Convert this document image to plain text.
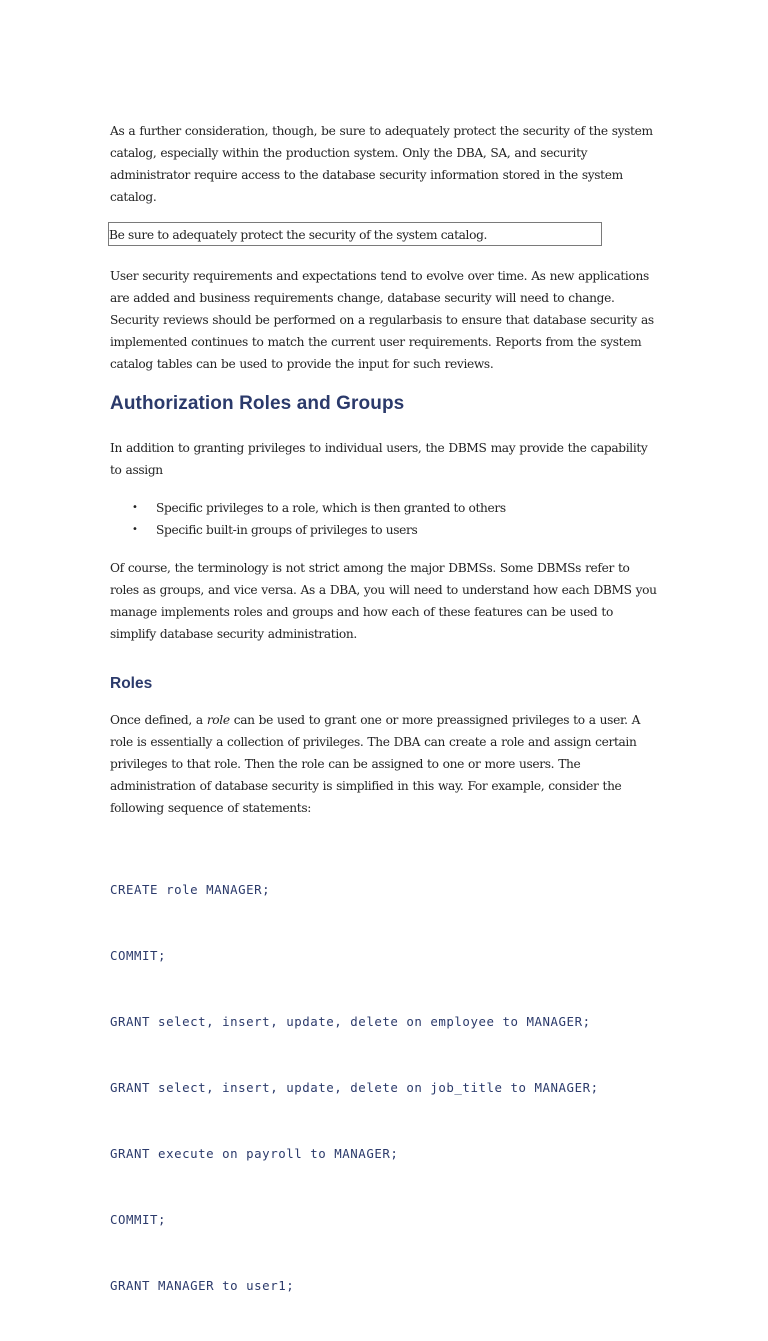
As a further consideration, though, be sure to adequately protect the security of the system catalog, especially within the production system. Only the DBA, SA, and security administrator require access to the database security information stored in the system catalog.

Be sure to adequately protect the security of the system catalog.

User security requirements and expectations tend to evolve over time. As new applications are added and business requirements change, database security will need to change. Security reviews should be performed on a regularbasis to ensure that database security as implemented continues to match the current user requirements. Reports from the system catalog tables can be used to provide the input for such reviews.

Authorization Roles and Groups

In addition to granting privileges to individual users, the DBMS may provide the capability to assign

• Specific privileges to a role, which is then granted to others
• Specific built-in groups of privileges to users

Of course, the terminology is not strict among the major DBMSs. Some DBMSs refer to roles as groups, and vice versa. As a DBA, you will need to understand how each DBMS you manage implements roles and groups and how each of these features can be used to simplify database security administration.

Roles

Once defined, a role can be used to grant one or more preassigned privileges to a user. A role is essentially a collection of privileges. The DBA can create a role and assign certain privileges to that role. Then the role can be assigned to one or more users. The administration of database security is simplified in this way. For example, consider the following sequence of statements:

CREATE role MANAGER;

COMMIT;

GRANT select, insert, update, delete on employee to MANAGER;

GRANT select, insert, update, delete on job_title to MANAGER;

GRANT execute on payroll to MANAGER;

COMMIT;

GRANT MANAGER to user1;
